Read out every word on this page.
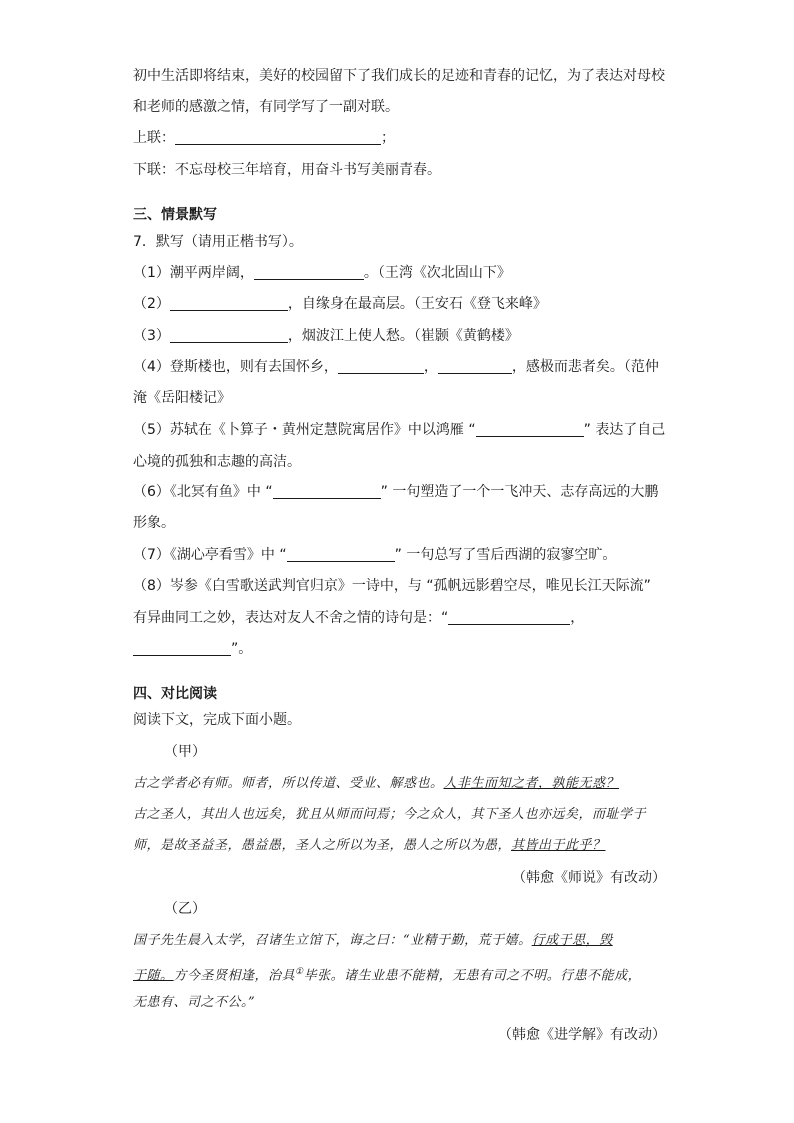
初中生活即将结束，美好的校园留下了我们成长的足迹和青春的记忆，为了表达对母校
和老师的感激之情，有同学写了一副对联。
上联：	；
下联：不忘母校三年培育，用奋斗书写美丽青春。
三、情景默写
7．默写（请用正楷书写）。
（1）潮平两岸阔，	。（王湾《次北固山下》
（2）	，自缘身在最高层。（王安石《登飞来峰》
（3）	，烟波江上使人愁。（崔颢《黄鹤楼》
（4）登斯楼也，则有去国怀乡，	，	，感极而悲者矣。（范仲
淹《岳阳楼记》
（5）苏轼在《卜算子・黄州定慧院寓居作》中以鸿雁 “	” 表达了自己
心境的孤独和志趣的高洁。
（6）《北冥有鱼》中 “	” 一句塑造了一个一飞冲天、志存高远的大鹏
形象。
（7）《湖心亭看雪》中 “	” 一句总写了雪后西湖的寂寥空旷。
（8）岑参《白雪歌送武判官归京》一诗中，与 “孤帆远影碧空尽，唯见长江天际流”
有异曲同工之妙，表达对友人不舍之情的诗句是：“	，
”。
四、对比阅读
阅读下文，完成下面小题。
（甲）
古之学者必有师。师者，所以传道、受业、解惑也。人非生而知之者，孰能无惑？
古之圣人，其出人也远矣，犹且从师而问焉；今之众人，其下圣人也亦远矣，而耻学于
师，是故圣益圣，愚益愚，圣人之所以为圣，愚人之所以为愚，其皆出于此乎？
（韩愈《师说》有改动）
（乙）
国子先生晨入太学，召诸生立馆下，诲之曰：“业精于勤，荒于嬉。行成于思，毁
于随。方今圣贤相逢，治具①毕张。诸生业患不能精，无患有司之不明。行患不能成，
无患有、司之不公。”
（韩愈《进学解》有改动）
